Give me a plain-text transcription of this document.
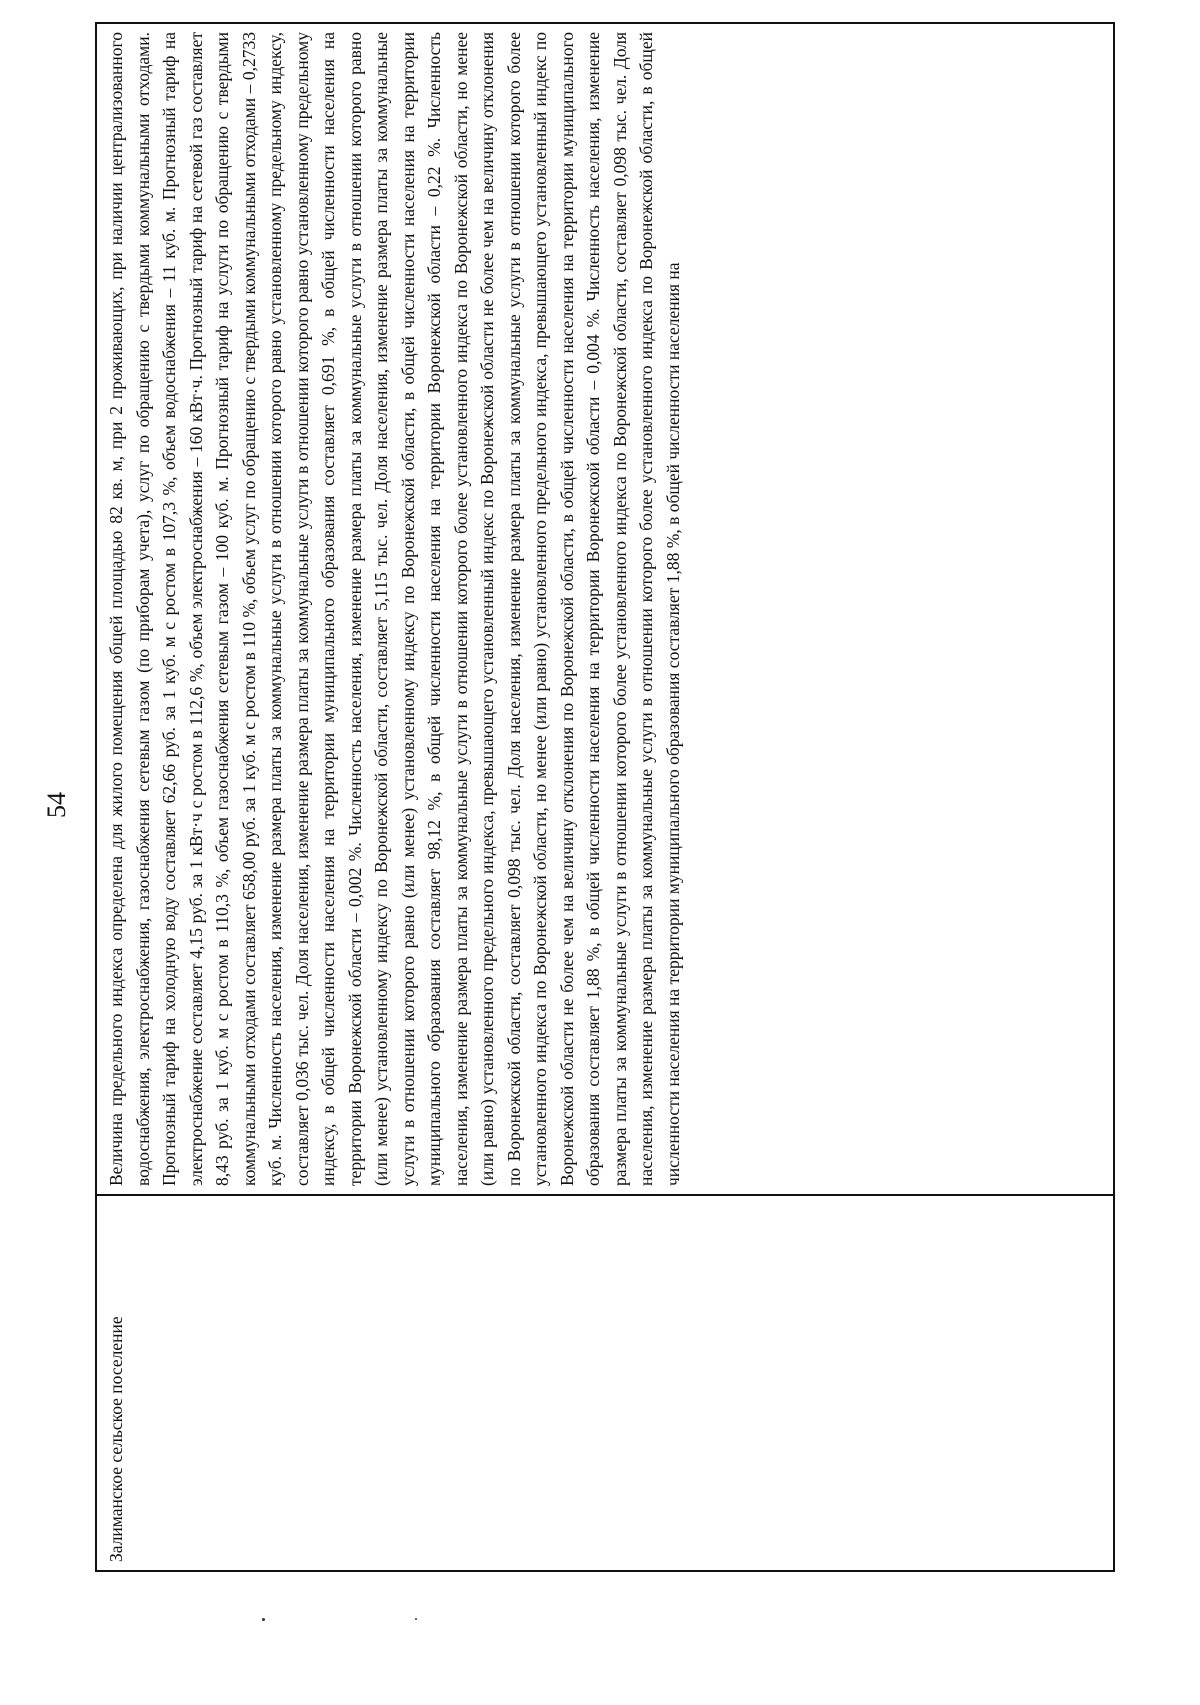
54
Залиманское сельское поселение
Величина предельного индекса определена для жилого помещения общей площадью 82 кв. м, при 2 проживающих, при наличии централизованного водоснабжения, электроснабжения, газоснабжения сетевым газом (по приборам учета), услуг по обращению с твердыми коммунальными отходами. Прогнозный тариф на холодную воду составляет 62,66 руб. за 1 куб. м с ростом в 107,3 %, объем водоснабжения – 11 куб. м. Прогнозный тариф на электроснабжение составляет 4,15 руб. за 1 кВт·ч с ростом в 112,6 %, объем электроснабжения – 160 кВт·ч. Прогнозный тариф на сетевой газ составляет 8,43 руб. за 1 куб. м с ростом в 110,3 %, объем газоснабжения сетевым газом – 100 куб. м. Прогнозный тариф на услуги по обращению с твердыми коммунальными отходами составляет 658,00 руб. за 1 куб. м с ростом в 110 %, объем услуг по обращению с твердыми коммунальными отходами – 0,2733 куб. м. Численность населения, изменение размера платы за коммунальные услуги в отношении которого равно установленному предельному индексу, составляет 0,036 тыс. чел. Доля населения, изменение размера платы за коммунальные услуги в отношении которого равно установленному предельному индексу, в общей численности населения на территории муниципального образования составляет 0,691 %, в общей численности населения на территории Воронежской области – 0,002 %. Численность населения, изменение размера платы за коммунальные услуги в отношении которого равно (или менее) установленному индексу по Воронежской области, составляет 5,115 тыс. чел. Доля населения, изменение размера платы за коммунальные услуги в отношении которого равно (или менее) установленному индексу по Воронежской области, в общей численности населения на территории муниципального образования составляет 98,12 %, в общей численности населения на территории Воронежской области – 0,22 %. Численность населения, изменение размера платы за коммунальные услуги в отношении которого более установленного индекса по Воронежской области, но менее (или равно) установленного предельного индекса, превышающего установленный индекс по Воронежской области не более чем на величину отклонения по Воронежской области, составляет 0,098 тыс. чел. Доля населения, изменение размера платы за коммунальные услуги в отношении которого более установленного индекса по Воронежской области, но менее (или равно) установленного предельного индекса, превышающего установленный индекс по Воронежской области не более чем на величину отклонения по Воронежской области, в общей численности населения на территории муниципального образования составляет 1,88 %, в общей численности населения на территории Воронежской области – 0,004 %. Численность населения, изменение размера платы за коммунальные услуги в отношении которого более установленного индекса по Воронежской области, составляет 0,098 тыс. чел. Доля населения, изменение размера платы за коммунальные услуги в отношении которого более установленного индекса по Воронежской области, в общей численности населения на территории муниципального образования составляет 1,88 %, в общей численности населения на
